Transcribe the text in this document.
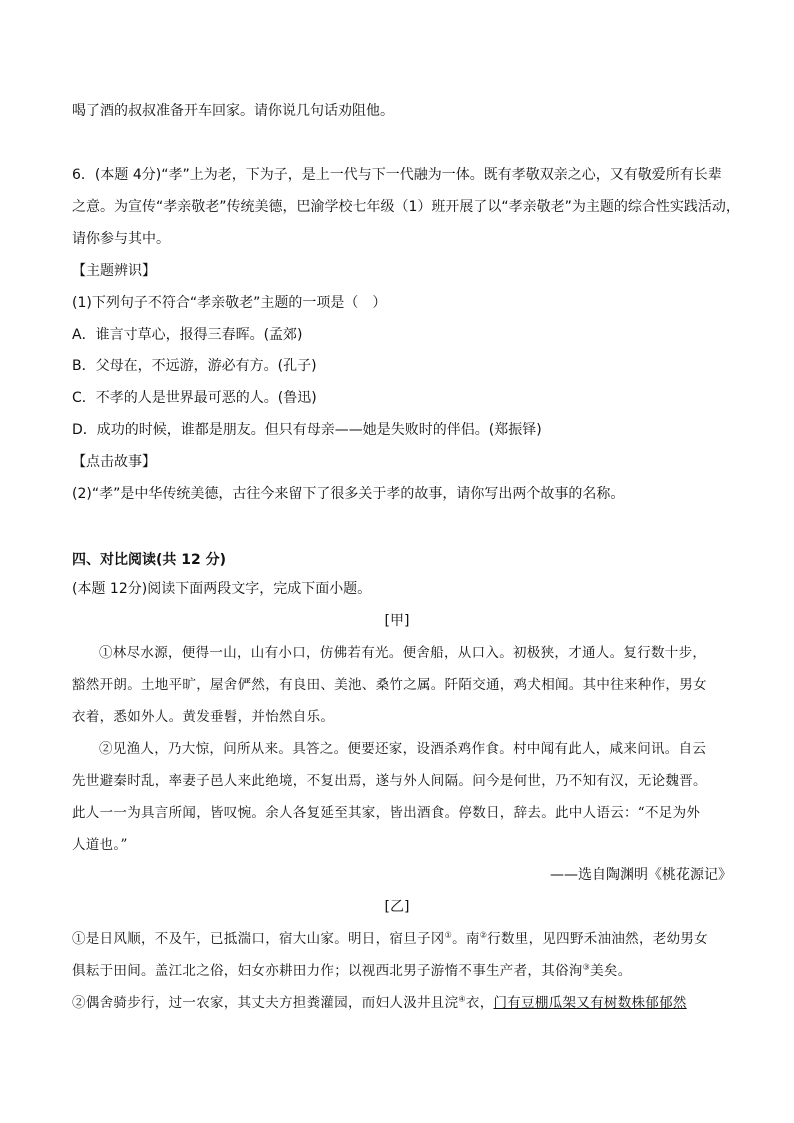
喝了酒的叔叔准备开车回家。请你说几句话劝阻他。
6．(本题 4分)“孝”上为老，下为子，是上一代与下一代融为一体。既有孝敬双亲之心，又有敬爱所有长辈
之意。为宣传“孝亲敬老”传统美德，巴渝学校七年级（1）班开展了以“孝亲敬老”为主题的综合性实践活动，
请你参与其中。
【主题辨识】
(1)下列句子不符合“孝亲敬老”主题的一项是（　）
A．谁言寸草心，报得三春晖。(孟郊)
B．父母在，不远游，游必有方。(孔子)
C．不孝的人是世界最可恶的人。(鲁迅)
D．成功的时候，谁都是朋友。但只有母亲——她是失败时的伴侣。(郑振铎)
【点击故事】
(2)“孝”是中华传统美德，古往今来留下了很多关于孝的故事，请你写出两个故事的名称。
四、对比阅读(共 12 分)
(本题 12分)阅读下面两段文字，完成下面小题。
[甲]
①林尽水源，便得一山，山有小口，仿佛若有光。便舍船，从口入。初极狭，才通人。复行数十步，
豁然开朗。土地平旷，屋舍俨然，有良田、美池、桑竹之属。阡陌交通，鸡犬相闻。其中往来种作，男女
衣着，悉如外人。黄发垂髫，并怡然自乐。
②见渔人，乃大惊，问所从来。具答之。便要还家，设酒杀鸡作食。村中闻有此人，咸来问讯。自云
先世避秦时乱，率妻子邑人来此绝境，不复出焉，遂与外人间隔。问今是何世，乃不知有汉，无论魏晋。
此人一一为具言所闻，皆叹惋。余人各复延至其家，皆出酒食。停数日，辞去。此中人语云：“不足为外
人道也。”
——选自陶渊明《桃花源记》
[乙]
①是日风顺，不及午，已抵湍口，宿大山家。明日，宿旦子冈①。南②行数里，见四野禾油油然，老幼男女
俱耘于田间。盖江北之俗，妇女亦耕田力作；以视西北男子游惰不事生产者，其俗洵③美矣。
②偶舍骑步行，过一农家，其丈夫方担粪灌园，而妇人汲井且浣④衣，门有豆棚瓜架又有树数株郁郁然
